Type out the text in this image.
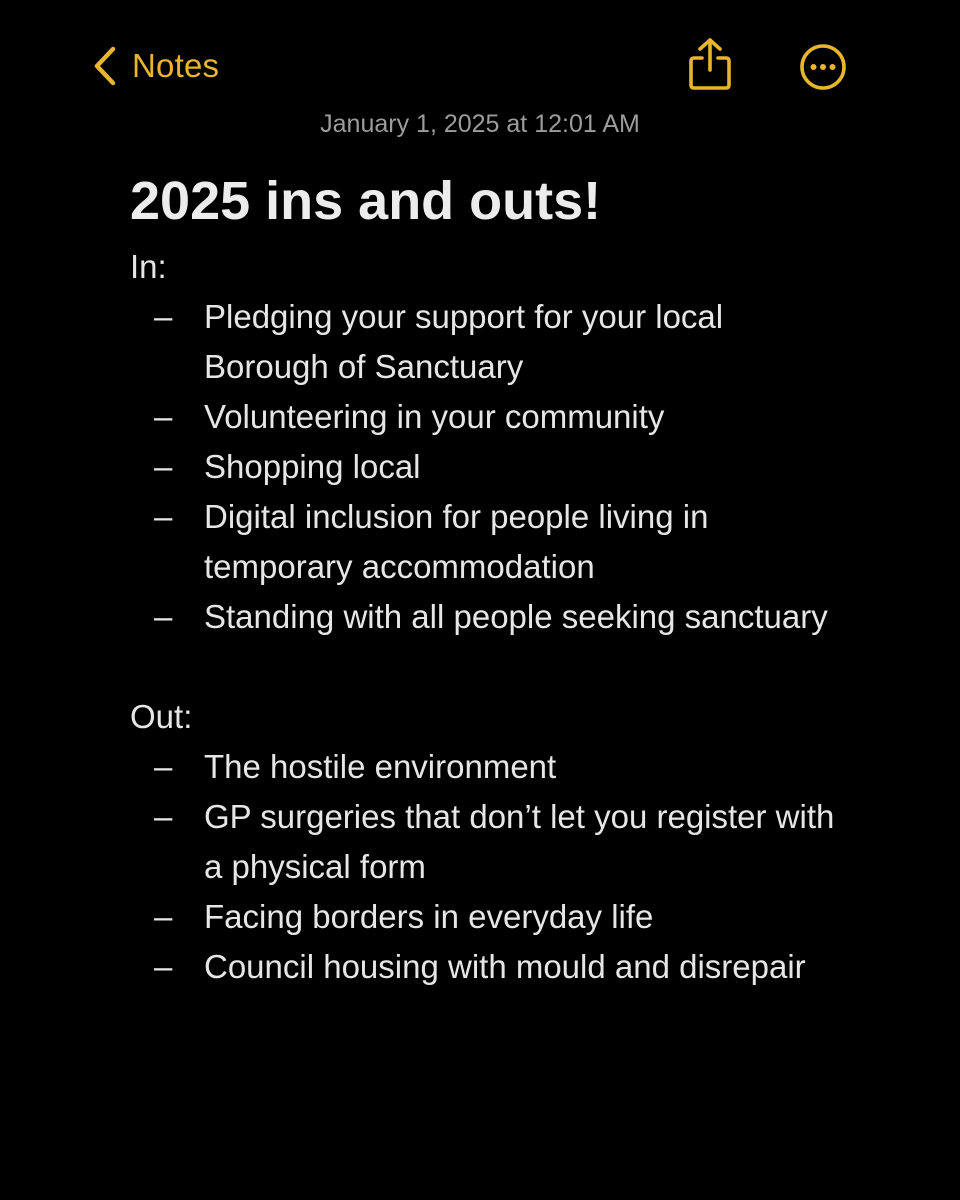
Notes
January 1, 2025 at 12:01 AM
2025 ins and outs!
In:
– Pledging your support for your local Borough of Sanctuary
– Volunteering in your community
– Shopping local
– Digital inclusion for people living in temporary accommodation
– Standing with all people seeking sanctuary
Out:
– The hostile environment
– GP surgeries that don’t let you register with a physical form
– Facing borders in everyday life
– Council housing with mould and disrepair
